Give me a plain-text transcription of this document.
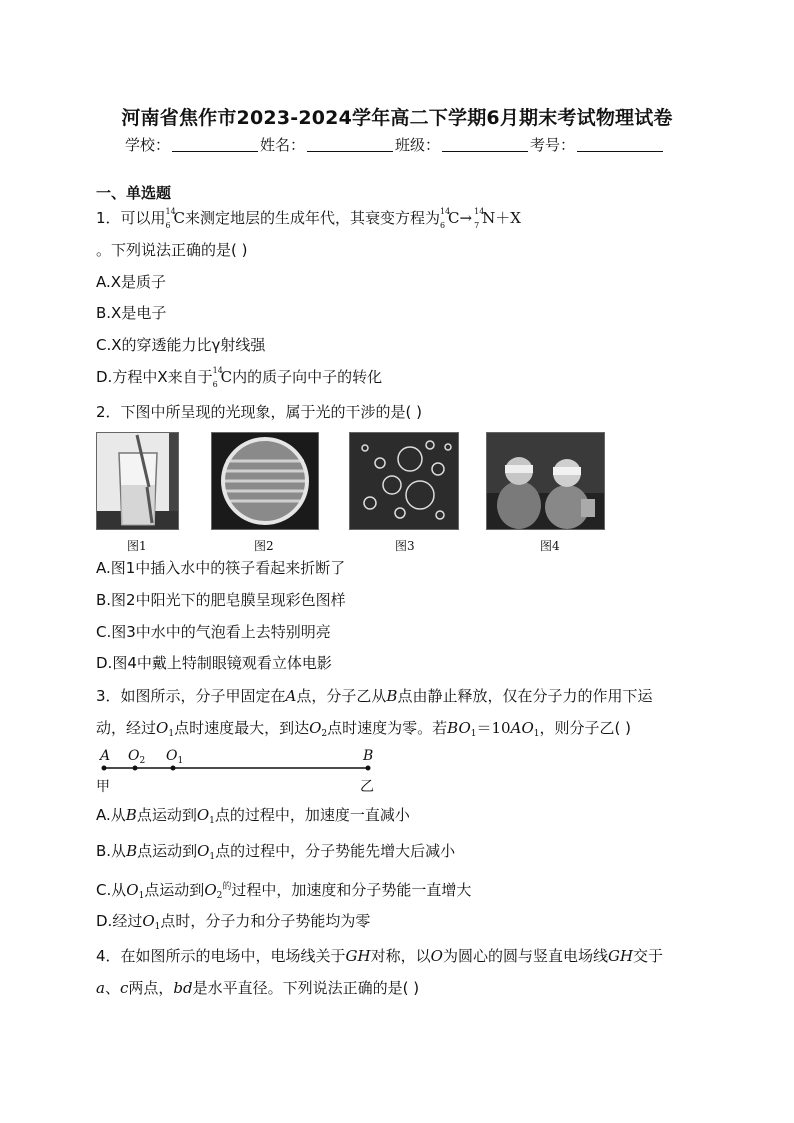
河南省焦作市2023-2024学年高二下学期6月期末考试物理试卷
学校：	姓名：	班级：	考号：
一、单选题
1．可以用 14
6 C来测定地层的生成年代，其衰变方程为 14
6 C→ 14
7 N＋X
。下列说法正确的是( )
A.X是质子
B.X是电子
C.X的穿透能力比γ射线强
D.方程中X来自于 14
6 C内的质子向中子的转化
2．下图中所呈现的光现象，属于光的干涉的是( )
图1	图2	图3	图4
A.图1中插入水中的筷子看起来折断了
B.图2中阳光下的肥皂膜呈现彩色图样
C.图3中水中的气泡看上去特别明亮
D.图4中戴上特制眼镜观看立体电影
3．如图所示，分子甲固定在A点，分子乙从B点由静止释放，仅在分子力的作用下运
动，经过$O_1$点时速度最大，到达$O_2$点时速度为零。若$BO_1=10AO_1$，则分子乙( )
A $O_2$ $O_1$	B
甲	乙
A.从B点运动到$O_1$点的过程中，加速度一直减小
B.从B点运动到$O_1$点的过程中，分子势能先增大后减小
C.从$O_1$点运动到$O_2^的$过程中，加速度和分子势能一直增大
D.经过$O_1$点时，分子力和分子势能均为零
4．在如图所示的电场中，电场线关于GH对称，以O为圆心的圆与竖直电场线GH交于
a、c两点，bd是水平直径。下列说法正确的是( )
